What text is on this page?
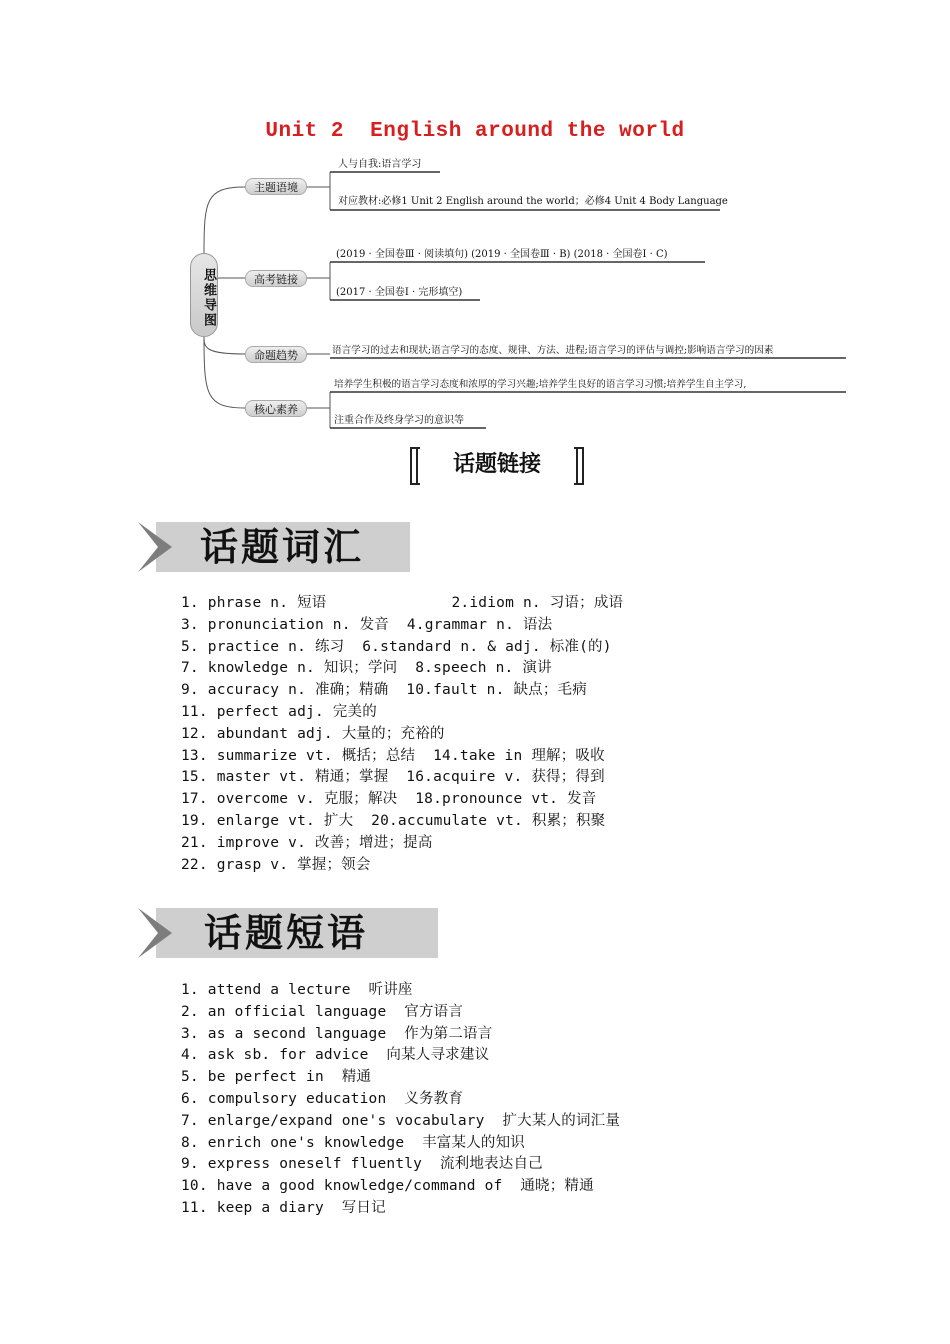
Unit 2  English around the world
思维导图
主题语境
人与自我:语言学习
对应教材:必修1 Unit 2 English around the world；必修4 Unit 4 Body Language
高考链接
(2019 · 全国卷Ⅲ · 阅读填句) (2019 · 全国卷Ⅲ · B) (2018 · 全国卷Ⅰ · C)
(2017 · 全国卷Ⅰ · 完形填空)
命题趋势	语言学习的过去和现状;语言学习的态度、规律、方法、进程;语言学习的评估与调控;影响语言学习的因素
核心素养
培养学生积极的语言学习态度和浓厚的学习兴趣;培养学生良好的语言学习习惯;培养学生自主学习,
注重合作及终身学习的意识等
话题链接
话题词汇
1. phrase n. 短语              2.idiom n. 习语；成语
3. pronunciation n. 发音  4.grammar n. 语法
5. practice n. 练习  6.standard n. & adj. 标准(的)
7. knowledge n. 知识；学问  8.speech n. 演讲
9. accuracy n. 准确；精确  10.fault n. 缺点；毛病
11. perfect adj. 完美的
12. abundant adj. 大量的；充裕的
13. summarize vt. 概括；总结  14.take in 理解；吸收
15. master vt. 精通；掌握  16.acquire v. 获得；得到
17. overcome v. 克服；解决  18.pronounce vt. 发音
19. enlarge vt. 扩大  20.accumulate vt. 积累；积聚
21. improve v. 改善；增进；提高
22. grasp v. 掌握；领会
话题短语
1. attend a lecture  听讲座
2. an official language  官方语言
3. as a second language  作为第二语言
4. ask sb. for advice  向某人寻求建议
5. be perfect in  精通
6. compulsory education  义务教育
7. enlarge/expand one's vocabulary  扩大某人的词汇量
8. enrich one's knowledge  丰富某人的知识
9. express oneself fluently  流利地表达自己
10. have a good knowledge/command of  通晓；精通
11. keep a diary  写日记
